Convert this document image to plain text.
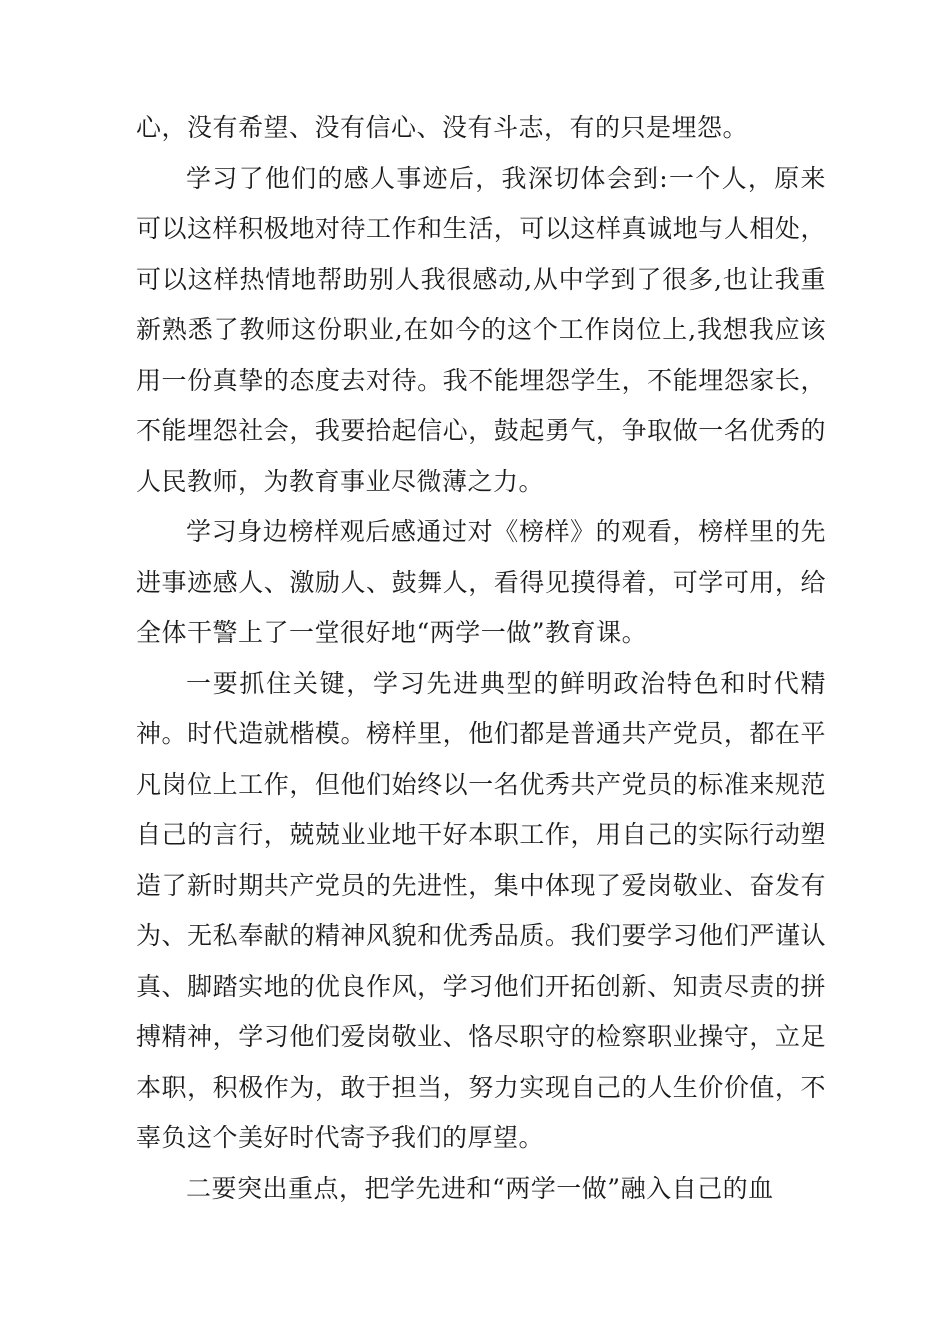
心，没有希望、没有信心、没有斗志，有的只是埋怨。

学习了他们的感人事迹后，我深切体会到:一个人，原来可以这样积极地对待工作和生活，可以这样真诚地与人相处，可以这样热情地帮助别人我很感动,从中学到了很多,也让我重新熟悉了教师这份职业,在如今的这个工作岗位上,我想我应该用一份真挚的态度去对待。我不能埋怨学生，不能埋怨家长，不能埋怨社会，我要拾起信心，鼓起勇气，争取做一名优秀的人民教师，为教育事业尽微薄之力。

学习身边榜样观后感通过对《榜样》的观看，榜样里的先进事迹感人、激励人、鼓舞人，看得见摸得着，可学可用，给全体干警上了一堂很好地“两学一做”教育课。

一要抓住关键，学习先进典型的鲜明政治特色和时代精神。时代造就楷模。榜样里，他们都是普通共产党员，都在平凡岗位上工作，但他们始终以一名优秀共产党员的标准来规范自己的言行，兢兢业业地干好本职工作，用自己的实际行动塑造了新时期共产党员的先进性，集中体现了爱岗敬业、奋发有为、无私奉献的精神风貌和优秀品质。我们要学习他们严谨认真、脚踏实地的优良作风，学习他们开拓创新、知责尽责的拼搏精神，学习他们爱岗敬业、恪尽职守的检察职业操守，立足本职，积极作为，敢于担当，努力实现自己的人生价价值，不辜负这个美好时代寄予我们的厚望。

二要突出重点，把学先进和“两学一做”融入自己的血
